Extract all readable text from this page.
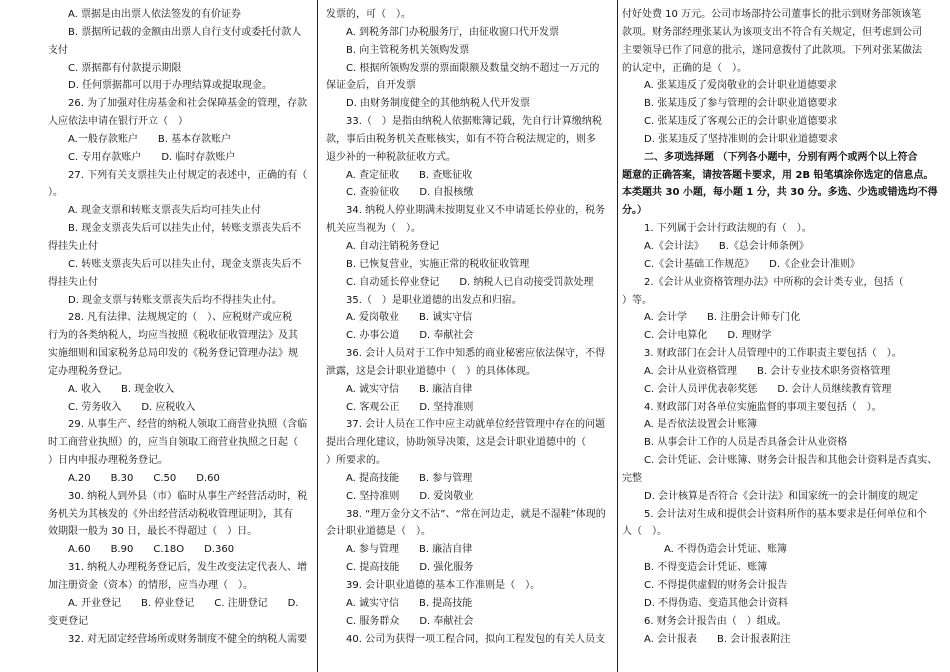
A. 票据是由出票人依法签发的有价证券
B. 票据所记载的金额由出票人自行支付或委托付款人
支付
C. 票据都有付款提示期限
D. 任何票据都可以用于办理结算或提取现金。
26. 为了加强对住房基金和社会保障基金的管理，存款
人应依法申请在银行开立（　）
A.一般存款账户　　B. 基本存款账户
C. 专用存款账户　　D. 临时存款账户
27. 下列有关支票挂失止付规定的表述中，正确的有（
）。
A. 现金支票和转账支票丧失后均可挂失止付
B. 现金支票丧失后可以挂失止付，转账支票丧失后不
得挂失止付
C. 转账支票丧失后可以挂失止付，现金支票丧失后不
得挂失止付
D. 现金支票与转账支票丧失后均不得挂失止付。
28. 凡有法律、法规规定的（　）、应税财产或应税
行为的各类纳税人，均应当按照《税收征收管理法》及其
实施细则和国家税务总局印发的《税务登记管理办法》规
定办理税务登记。
A. 收入　　B. 现金收入
C. 劳务收入　　D. 应税收入
29. 从事生产、经营的纳税人领取工商营业执照（含临
时工商营业执照）的，应当自领取工商营业执照之日起（
）日内申报办理税务登记。
A.20　　B.30　　C.50　　D.60
30. 纳税人到外县（市）临时从事生产经营活动时，税
务机关为其核发的《外出经营活动税收管理证明》，其有
效期限一般为 30 日，最长不得超过（　）日。
A.60　　B.90　　C.18O　　D.360
31. 纳税人办理税务登记后，发生改变法定代表人、增
加注册资金（资本）的情形，应当办理（　）。
A. 开业登记　　B. 停业登记　　C. 注册登记　　D.
变更登记
32. 对无固定经营场所或财务制度不健全的纳税人需要
发票的，可（　）。
A. 到税务部门办税服务厅，由征收窗口代开发票
B. 向主管税务机关领购发票
C. 根据所领购发票的票面限额及数量交纳不超过一万元的
保证金后，自开发票
D. 由财务制度健全的其他纳税人代开发票
33.（　）是指由纳税人依据账簿记载，先自行计算缴纳税
款，事后由税务机关查账核实，如有不符合税法规定的，则多
退少补的一种税款征收方式。
A. 查定征收　　B. 查账征收
C. 查验征收　　D. 自报核缴
34. 纳税人停业期满未按期复业又不申请延长停业的，税务
机关应当视为（　）。
A. 自动注销税务登记
B. 已恢复营业，实施正常的税收征收管理
C. 自动延长停业登记　　D. 纳税人已自动接受罚款处理
35.（　）是职业道德的出发点和归宿。
A. 爱岗敬业　　B. 诚实守信
C. 办事公道　　D. 奉献社会
36. 会计人员对于工作中知悉的商业秘密应依法保守，不得
泄露，这是会计职业道德中（　）的具体体现。
A. 诚实守信　　B. 廉洁自律
C. 客观公正　　D. 坚持准则
37. 会计人员在工作中应主动就单位经营管理中存在的问题
提出合理化建议，协助领导决策，这是会计职业道德中的（
）所要求的。
A. 提高技能　　B. 参与管理
C. 坚持准则　　D. 爱岗敬业
38. “理万金分文不沾”、“常在河边走，就是不湿鞋”体现的
会计职业道德是（　）。
A. 参与管理　　B. 廉洁自律
C. 提高技能　　D. 强化服务
39. 会计职业道德的基本工作准则是（　）。
A. 诚实守信　　B. 提高技能
C. 服务群众　　D. 奉献社会
40. 公司为获得一项工程合同，拟向工程发包的有关人员支
付好处费 10 万元。公司市场部持公司董事长的批示到财务部领该笔
款项。财务部经理张某认为该项支出不符合有关规定，但考虑到公司
主要领导已作了同意的批示，遂同意拨付了此款项。下列对张某做法
的认定中，正确的是（　）。
A. 张某违反了爱岗敬业的会计职业道德要求
B. 张某违反了参与管理的会计职业道德要求
C. 张某违反了客观公正的会计职业道德要求
D. 张某违反了坚持准则的会计职业道德要求
二、多项选择题 （下列各小题中，分别有两个或两个以上符合
题意的正确答案，请按答题卡要求，用 2B 铅笔填涂你选定的信息点。
本类题共 30 小题，每小题 1 分，共 30 分。多选、少选或错选均不得
分。）
1. 下列属于会计行政法规的有（　）。
A.《会计法》　　B.《总会计师条例》
C.《会计基础工作规范》　　D.《企业会计准则》
2.《会计从业资格管理办法》中所称的会计类专业，包括（
）等。
A. 会计学　　B. 注册会计师专门化
C. 会计电算化　　D. 理财学
3. 财政部门在会计人员管理中的工作职责主要包括（　）。
A. 会计从业资格管理　　B. 会计专业技术职务资格管理
C. 会计人员评优表彰奖惩　　D. 会计人员继续教育管理
4. 财政部门对各单位实施监督的事项主要包括（　）。
A. 是否依法设置会计账簿
B. 从事会计工作的人员是否具备会计从业资格
C. 会计凭证、会计账簿、财务会计报告和其他会计资料是否真实、
完整
D. 会计核算是否符合《会计法》和国家统一的会计制度的规定
5. 会计法对生成和提供会计资料所作的基本要求是任何单位和个
人（　）。
A. 不得伪造会计凭证、账簿
B. 不得变造会计凭证、账簿
C. 不得提供虚假的财务会计报告
D. 不得伪造、变造其他会计资料
6. 财务会计报告由（　）组成。
A. 会计报表　　B. 会计报表附注
